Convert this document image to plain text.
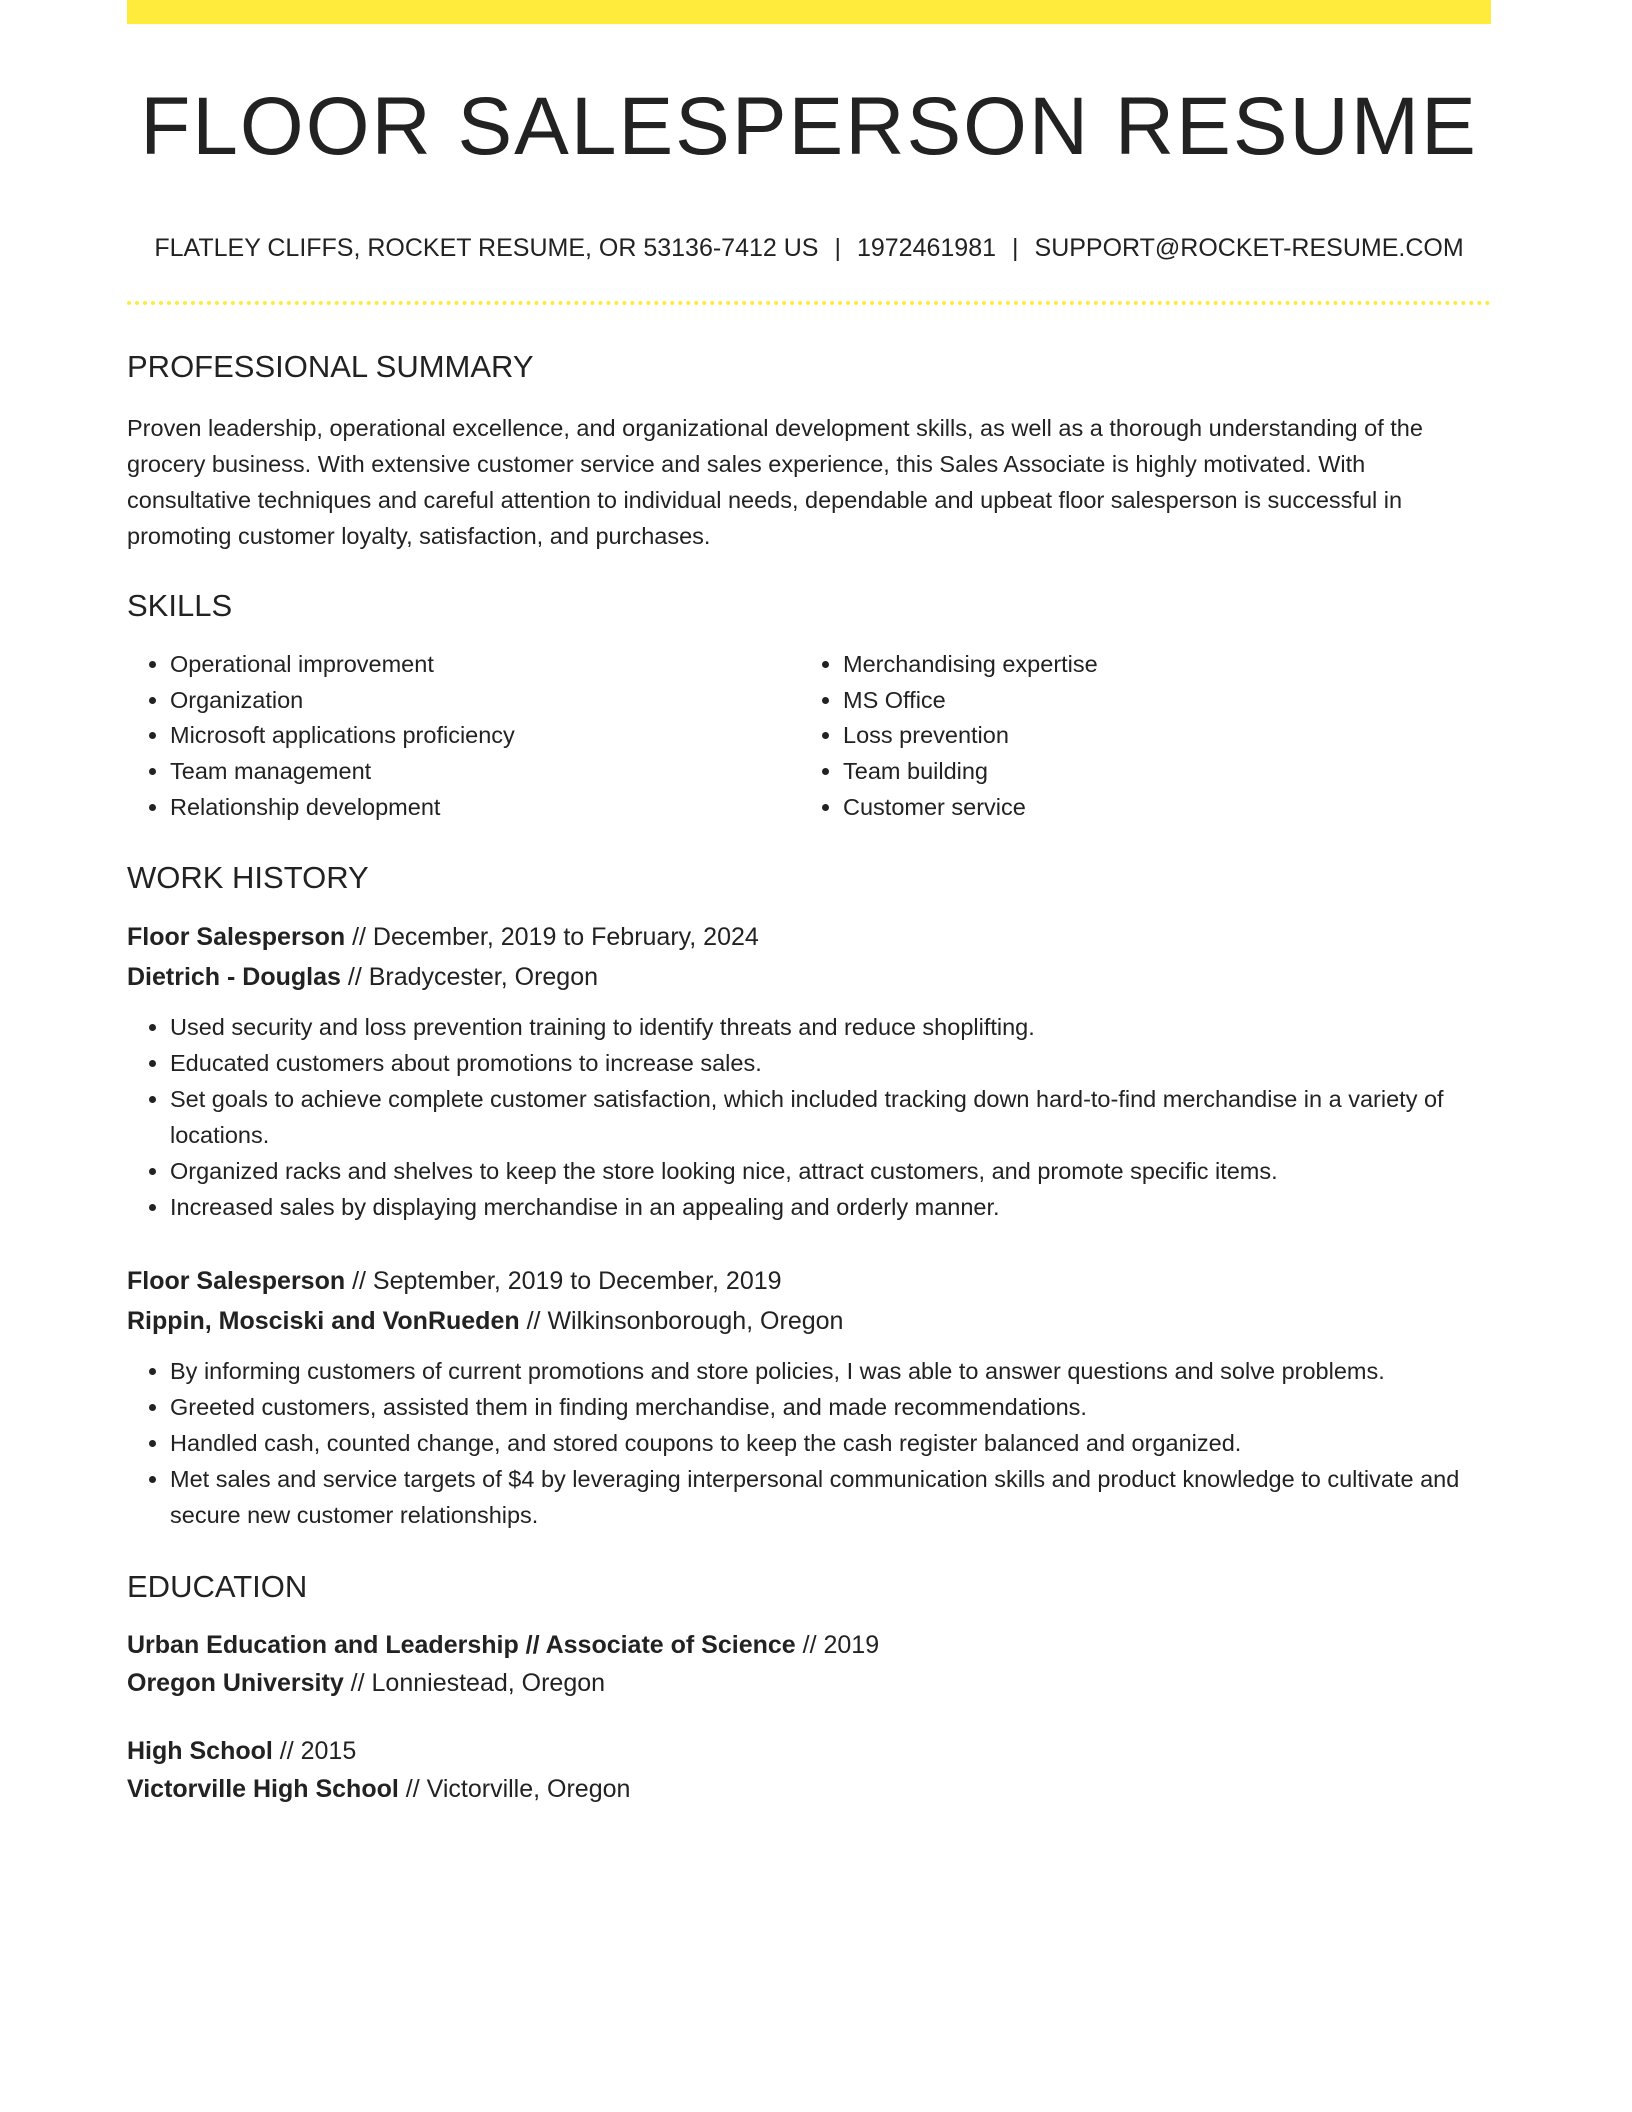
FLOOR SALESPERSON RESUME
FLATLEY CLIFFS, ROCKET RESUME, OR 53136-7412 US | 1972461981 | SUPPORT@ROCKET-RESUME.COM
PROFESSIONAL SUMMARY

Proven leadership, operational excellence, and organizational development skills, as well as a thorough understanding of the grocery business. With extensive customer service and sales experience, this Sales Associate is highly motivated. With consultative techniques and careful attention to individual needs, dependable and upbeat floor salesperson is successful in promoting customer loyalty, satisfaction, and purchases.

SKILLS
• Operational improvement
• Organization
• Microsoft applications proficiency
• Team management
• Relationship development
• Merchandising expertise
• MS Office
• Loss prevention
• Team building
• Customer service
WORK HISTORY
Floor Salesperson // December, 2019 to February, 2024
Dietrich - Douglas // Bradycester, Oregon
• Used security and loss prevention training to identify threats and reduce shoplifting.
• Educated customers about promotions to increase sales.
• Set goals to achieve complete customer satisfaction, which included tracking down hard-to-find merchandise in a variety of locations.
• Organized racks and shelves to keep the store looking nice, attract customers, and promote specific items.
• Increased sales by displaying merchandise in an appealing and orderly manner.
Floor Salesperson // September, 2019 to December, 2019
Rippin, Mosciski and VonRueden // Wilkinsonborough, Oregon
• By informing customers of current promotions and store policies, I was able to answer questions and solve problems.
• Greeted customers, assisted them in finding merchandise, and made recommendations.
• Handled cash, counted change, and stored coupons to keep the cash register balanced and organized.
• Met sales and service targets of $4 by leveraging interpersonal communication skills and product knowledge to cultivate and secure new customer relationships.
EDUCATION
Urban Education and Leadership // Associate of Science // 2019
Oregon University // Lonniestead, Oregon
High School // 2015
Victorville High School // Victorville, Oregon
